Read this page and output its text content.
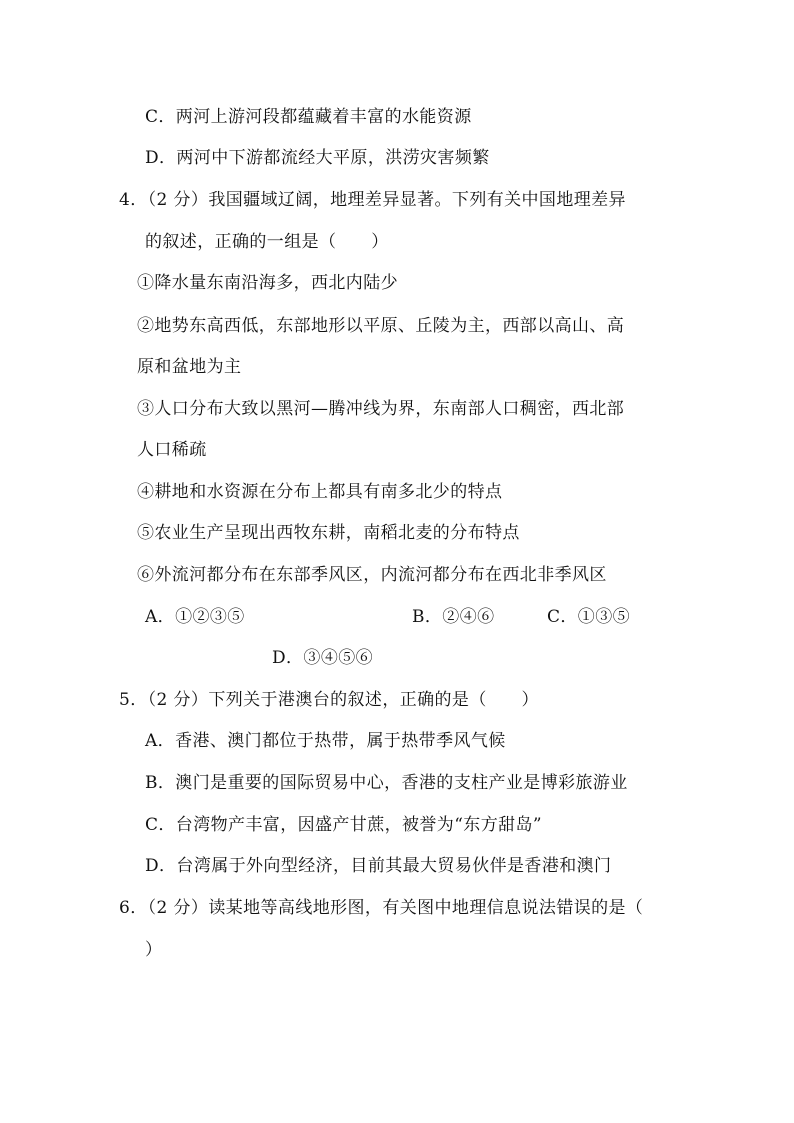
C．两河上游河段都蕴藏着丰富的水能资源
D．两河中下游都流经大平原，洪涝灾害频繁
4．（2 分）我国疆域辽阔，地理差异显著。下列有关中国地理差异
的叙述，正确的一组是（　　）
①降水量东南沿海多，西北内陆少
②地势东高西低，东部地形以平原、丘陵为主，西部以高山、高
原和盆地为主
③人口分布大致以黑河—腾冲线为界，东南部人口稠密，西北部
人口稀疏
④耕地和水资源在分布上都具有南多北少的特点
⑤农业生产呈现出西牧东耕，南稻北麦的分布特点
⑥外流河都分布在东部季风区，内流河都分布在西北非季风区
A．①②③⑤	B．②④⑥	C．①③⑤
D．③④⑤⑥
5．（2 分）下列关于港澳台的叙述，正确的是（　　）
A．香港、澳门都位于热带，属于热带季风气候
B．澳门是重要的国际贸易中心，香港的支柱产业是博彩旅游业
C．台湾物产丰富，因盛产甘蔗，被誉为“东方甜岛”
D．台湾属于外向型经济，目前其最大贸易伙伴是香港和澳门
6．（2 分）读某地等高线地形图，有关图中地理信息说法错误的是（
）
